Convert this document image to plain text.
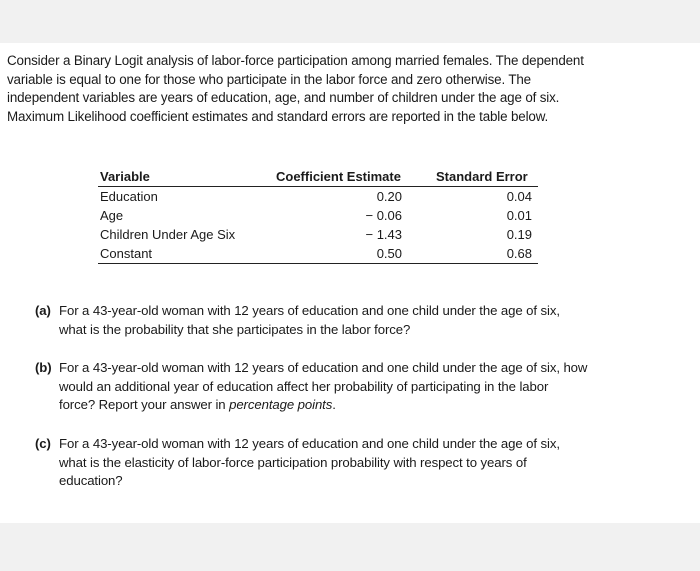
Consider a Binary Logit analysis of labor-force participation among married females. The dependent
variable is equal to one for those who participate in the labor force and zero otherwise. The
independent variables are years of education, age, and number of children under the age of six.
Maximum Likelihood coefficient estimates and standard errors are reported in the table below.
Variable	Coefficient Estimate	Standard Error
Education	0.20	0.04
Age	− 0.06	0.01
Children Under Age Six	− 1.43	0.19
Constant	0.50	0.68
(a) For a 43-year-old woman with 12 years of education and one child under the age of six,
what is the probability that she participates in the labor force?
(b) For a 43-year-old woman with 12 years of education and one child under the age of six, how
would an additional year of education affect her probability of participating in the labor
force? Report your answer in percentage points.
(c) For a 43-year-old woman with 12 years of education and one child under the age of six,
what is the elasticity of labor-force participation probability with respect to years of
education?
